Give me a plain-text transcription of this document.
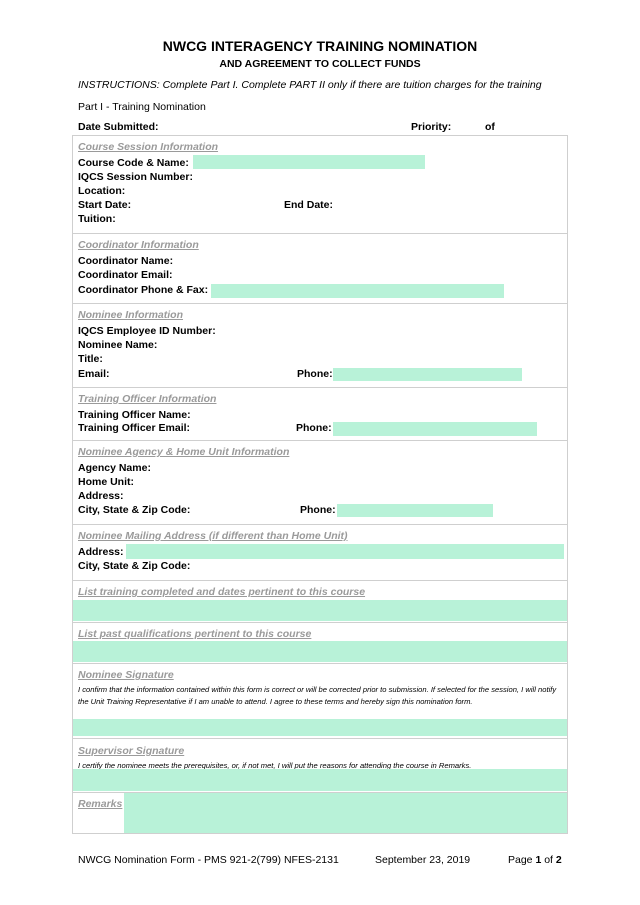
NWCG INTERAGENCY TRAINING NOMINATION
AND AGREEMENT TO COLLECT FUNDS
INSTRUCTIONS: Complete Part I. Complete PART II only if there are tuition charges for the training
Part I - Training Nomination
Date Submitted:	Priority:	of
Course Session Information
Course Code & Name:
IQCS Session Number:
Location:
Start Date:	End Date:
Tuition:
Coordinator Information
Coordinator Name:
Coordinator Email:
Coordinator Phone & Fax:
Nominee Information
IQCS Employee ID Number:
Nominee Name:
Title:
Email:	Phone:
Training Officer Information
Training Officer Name:
Training Officer Email:	Phone:
Nominee Agency & Home Unit Information
Agency Name:
Home Unit:
Address:
City, State & Zip Code:	Phone:
Nominee Mailing Address (if different than Home Unit)
Address:
City, State & Zip Code:
List training completed and dates pertinent to this course
List past qualifications pertinent to this course
Nominee Signature
I confirm that the information contained within this form is correct or will be corrected prior to submission. If selected for the session, I will notify the Unit Training Representative if I am unable to attend. I agree to these terms and hereby sign this nomination form.
Supervisor Signature
I certify the nominee meets the prerequisites, or, if not met, I will put the reasons for attending the course in Remarks.
Remarks
NWCG Nomination Form - PMS 921-2(799) NFES-2131	September 23, 2019	Page 1 of 2
